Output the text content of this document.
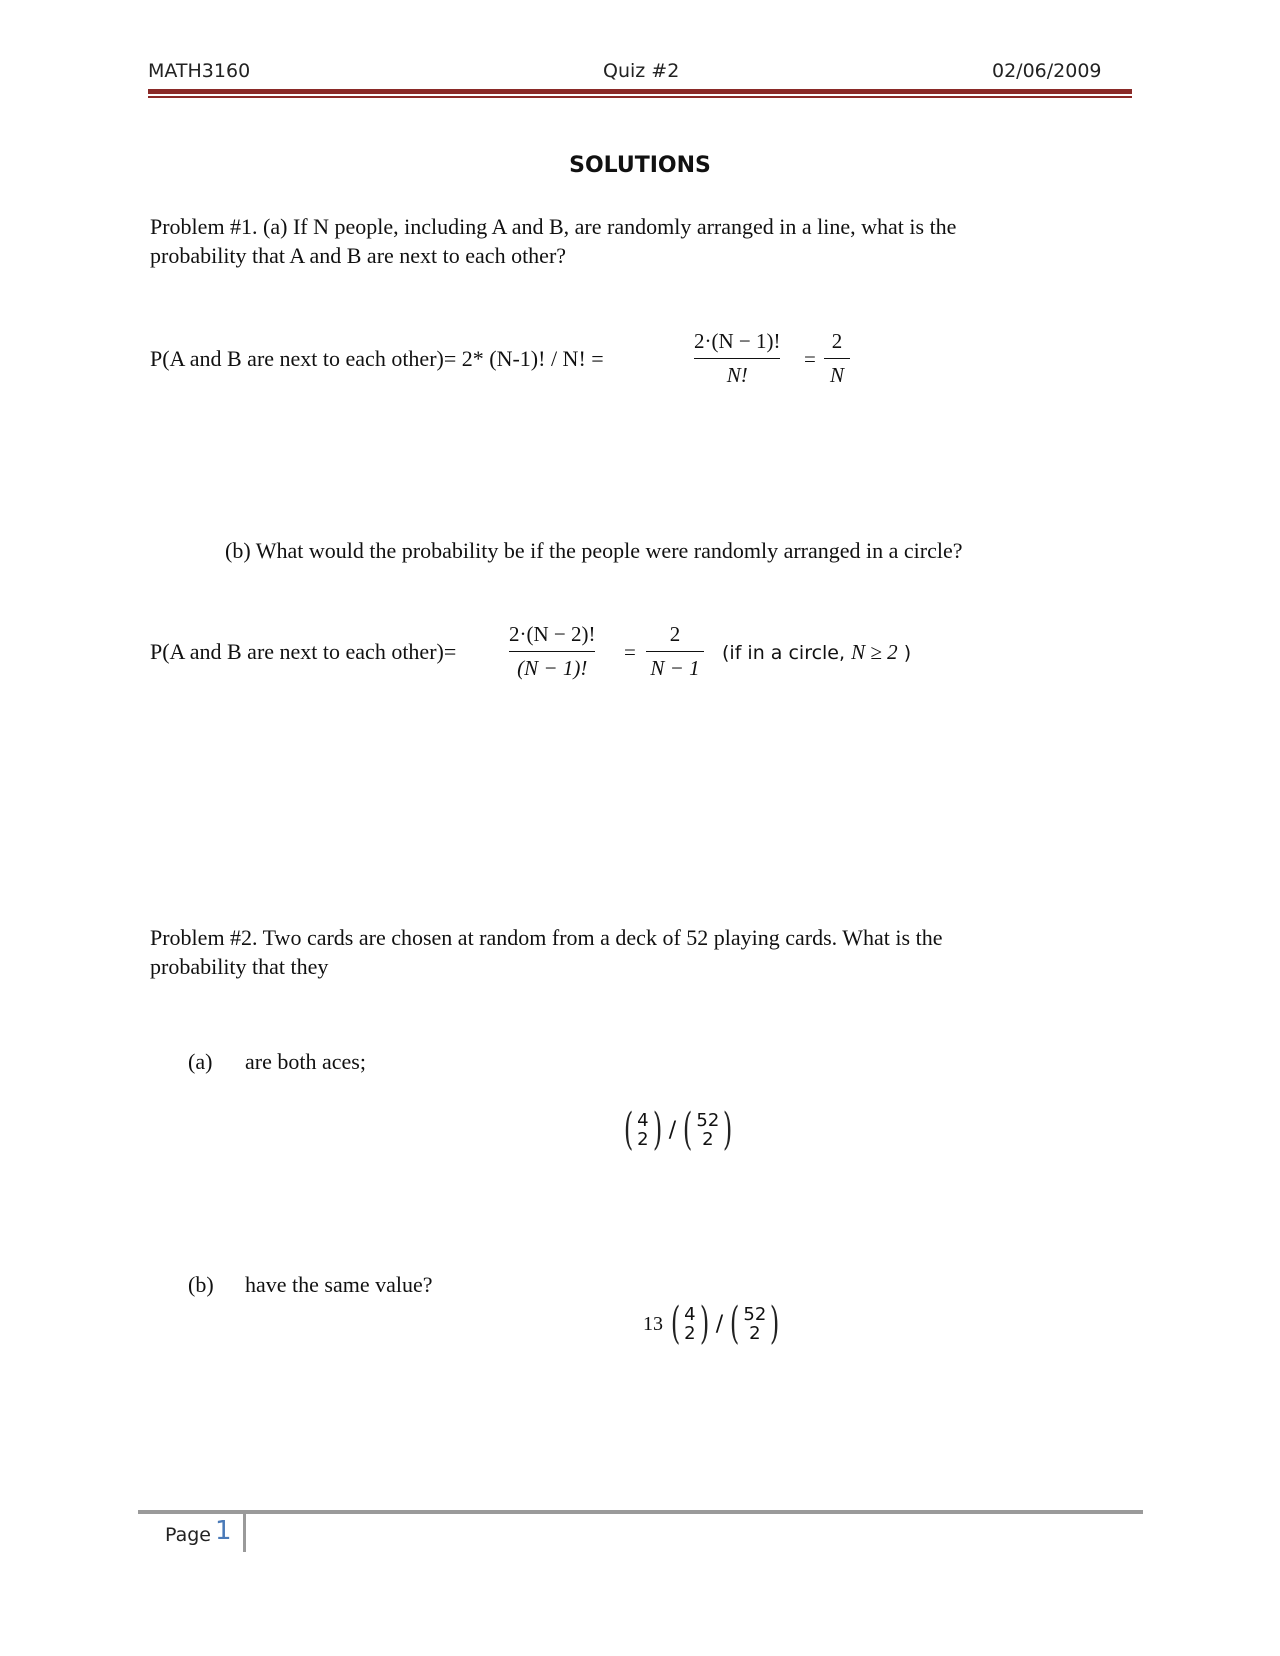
MATH3160	Quiz #2	02/06/2009
SOLUTIONS
Problem #1. (a) If N people, including A and B, are randomly arranged in a line, what is the
probability that A and B are next to each other?
P(A and B are next to each other)= 2* (N-1)! / N! =
2·(N − 1)!
N!
=
2
N
(b) What would the probability be if the people were randomly arranged in a circle?
P(A and B are next to each other)=
2·(N − 2)!
(N − 1)!
=
2
N − 1
(if in a circle, N ≥ 2 )
Problem #2. Two cards are chosen at random from a deck of 52 playing cards. What is the
probability that they
(a) are both aces;
( 4
2 ) / ( 52
2 )
(b) have the same value?
13 ( 4
2 ) / ( 52
2 )
Page 1
